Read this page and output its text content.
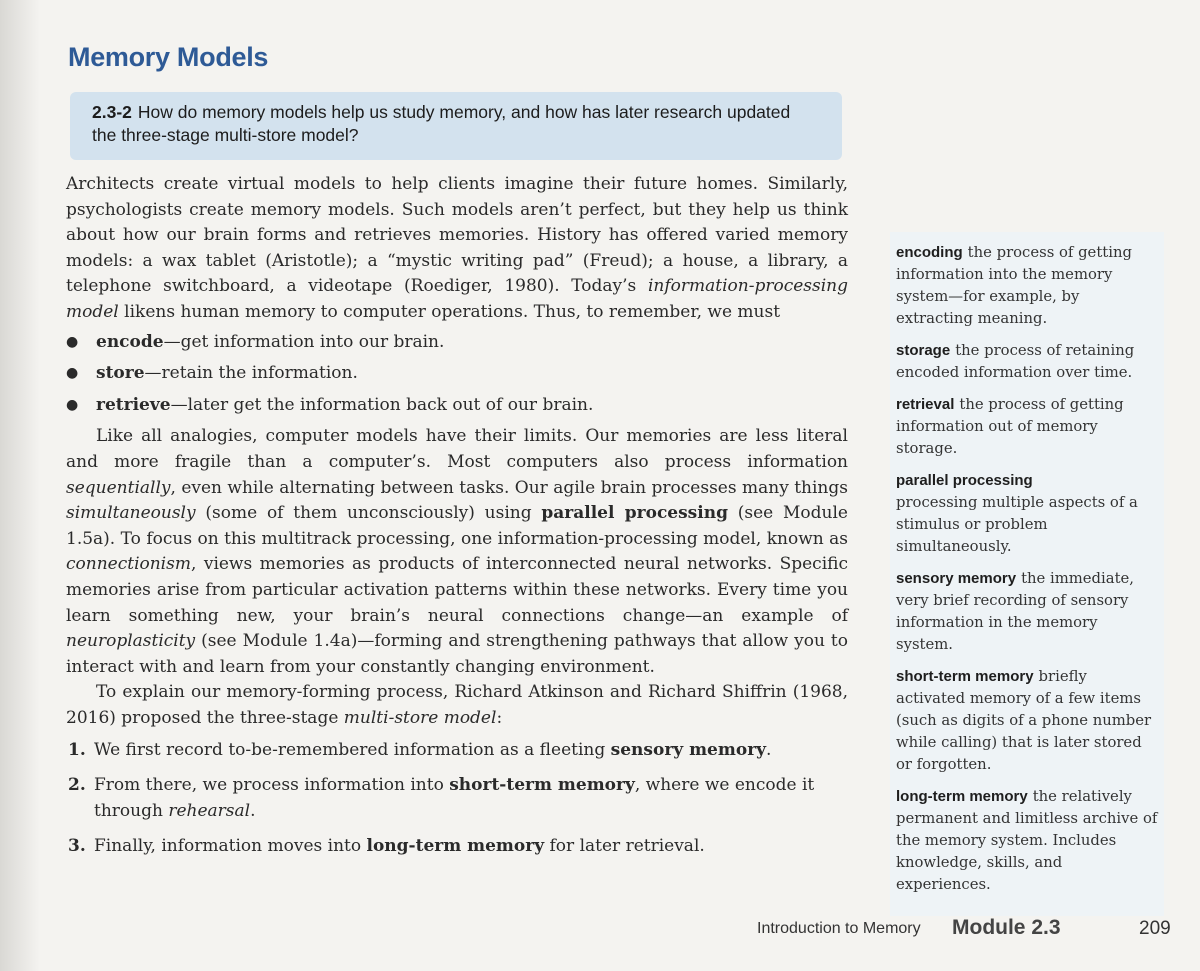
Memory Models

2.3-2 How do memory models help us study memory, and how has later research updated the three-stage multi-store model?

Architects create virtual models to help clients imagine their future homes. Similarly, psychologists create memory models. Such models aren’t perfect, but they help us think about how our brain forms and retrieves memories. History has offered varied memory models: a wax tablet (Aristotle); a “mystic writing pad” (Freud); a house, a library, a telephone switchboard, a videotape (Roediger, 1980). Today’s information-processing model likens human memory to computer operations. Thus, to remember, we must

● encode—get information into our brain.
● store—retain the information.
● retrieve—later get the information back out of our brain.

Like all analogies, computer models have their limits. Our memories are less literal and more fragile than a computer’s. Most computers also process information sequentially, even while alternating between tasks. Our agile brain processes many things simultaneously (some of them unconsciously) using parallel processing (see Module 1.5a). To focus on this multitrack processing, one information-processing model, known as connectionism, views memories as products of interconnected neural networks. Specific memories arise from particular activation patterns within these networks. Every time you learn something new, your brain’s neural connections change—an example of neuroplasticity (see Module 1.4a)—forming and strengthening pathways that allow you to interact with and learn from your constantly changing environment.

To explain our memory-forming process, Richard Atkinson and Richard Shiffrin (1968, 2016) proposed the three-stage multi-store model:

1. We first record to-be-remembered information as a fleeting sensory memory.
2. From there, we process information into short-term memory, where we encode it through rehearsal.
3. Finally, information moves into long-term memory for later retrieval.

encoding the process of getting information into the memory system—for example, by extracting meaning.

storage the process of retaining encoded information over time.

retrieval the process of getting information out of memory storage.

parallel processing
processing multiple aspects of a stimulus or problem simultaneously.

sensory memory the immediate, very brief recording of sensory information in the memory system.

short-term memory briefly activated memory of a few items (such as digits of a phone number while calling) that is later stored or forgotten.

long-term memory the relatively permanent and limitless archive of the memory system. Includes knowledge, skills, and experiences.

Introduction to Memory Module 2.3	209
